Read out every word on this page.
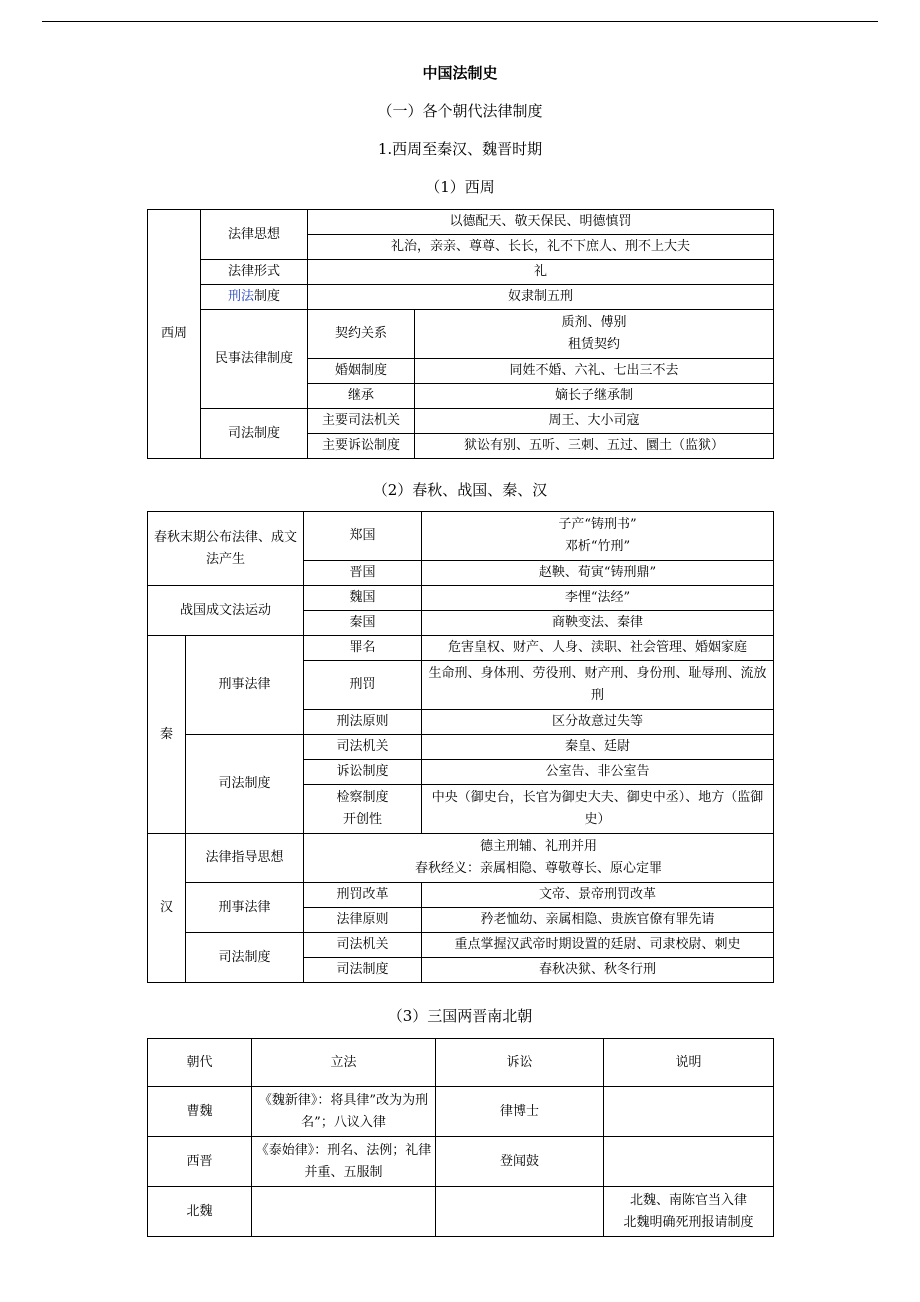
中国法制史
（一）各个朝代法律制度
1.西周至秦汉、魏晋时期
（1）西周
西周	法律思想	以德配天、敬天保民、明德慎罚	
		礼治，亲亲、尊尊、长长，礼不下庶人、刑不上大夫	
	法律形式	礼	
	刑法制度	奴隶制五刑	
	民事法律制度	契约关系	质剂、傅别
租赁契约

		婚姻制度	同姓不婚、六礼、七出三不去
		继承	嫡长子继承制
	司法制度	主要司法机关	周王、大小司寇
		主要诉讼制度	狱讼有别、五听、三刺、五过、圜土（监狱）
（2）春秋、战国、秦、汉
春秋末期公布法律、成文法产生		郑国	子产“铸刑书”
邓析“竹刑”

		晋国	赵鞅、荀寅“铸刑鼎”
战国成文法运动		魏国	李悝“法经”
		秦国	商鞅变法、秦律
秦	刑事法律	罪名	危害皇权、财产、人身、渎职、社会管理、婚姻家庭
		刑罚	生命刑、身体刑、劳役刑、财产刑、身份刑、耻辱刑、流放刑
		刑法原则	区分故意过失等
	司法制度	司法机关	秦皇、廷尉
		诉讼制度	公室告、非公室告

		检察制度
开创性	中央（御史台，长官为御史大夫、御史中丞）、地方（监御史）
汉	法律指导思想	德主刑辅、礼刑并用
春秋经义：亲属相隐、尊敬尊长、原心定罪	

	刑事法律	刑罚改革	文帝、景帝刑罚改革
		法律原则	矜老恤幼、亲属相隐、贵族官僚有罪先请
	司法制度	司法机关	重点掌握汉武帝时期设置的廷尉、司隶校尉、刺史
		司法制度	春秋决狱、秋冬行刑
（3）三国两晋南北朝
朝代	立法	诉讼	说明
曹魏	《魏新律》：将具律”改为为刑名”；八议入律	律博士	
西晋	《泰始律》：刑名、法例；礼律并重、五服制	登闻鼓	
北魏			北魏、南陈官当入律
北魏明确死刑报请制度
